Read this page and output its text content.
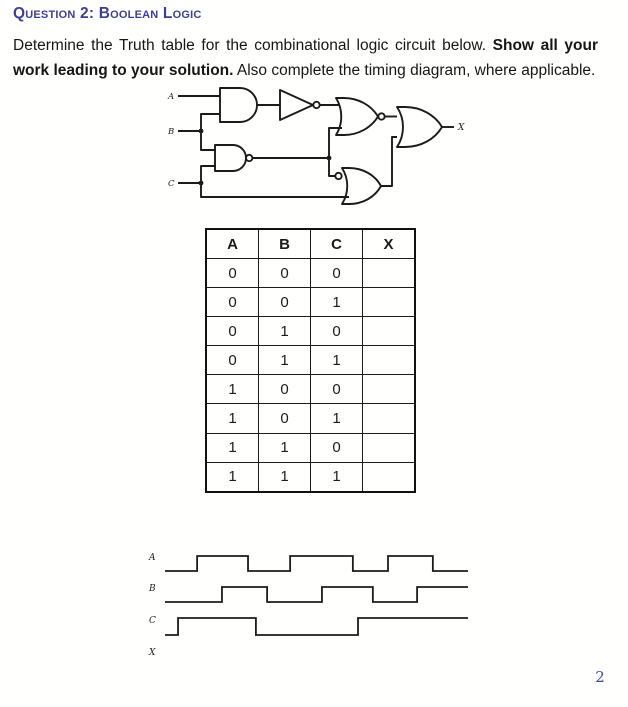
Question 2: Boolean Logic
Determine the Truth table for the combinational logic circuit below. Show all your
work leading to your solution. Also complete the timing diagram, where applicable.
A
B
C
X
A	B	C	X
0	0	0	
0	0	1	
0	1	0	
0	1	1	
1	0	0	
1	0	1	
1	1	0	
1	1	1	
A
B
C
X
2
